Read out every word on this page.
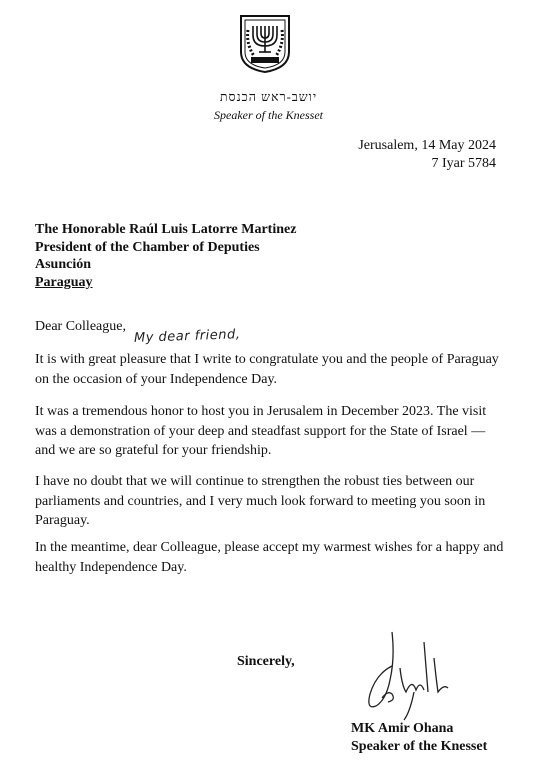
יושב-ראש הכנסת
Speaker of the Knesset
Jerusalem, 14 May 2024
7 Iyar 5784
The Honorable Raúl Luis Latorre Martinez
President of the Chamber of Deputies
Asunción
Paraguay
Dear Colleague,
My dear friend,
It is with great pleasure that I write to congratulate you and the people of Paraguay on the occasion of your Independence Day.
It was a tremendous honor to host you in Jerusalem in December 2023. The visit was a demonstration of your deep and steadfast support for the State of Israel — and we are so grateful for your friendship.
I have no doubt that we will continue to strengthen the robust ties between our parliaments and countries, and I very much look forward to meeting you soon in Paraguay.
In the meantime, dear Colleague, please accept my warmest wishes for a happy and healthy Independence Day.
Sincerely,
MK Amir Ohana
Speaker of the Knesset
